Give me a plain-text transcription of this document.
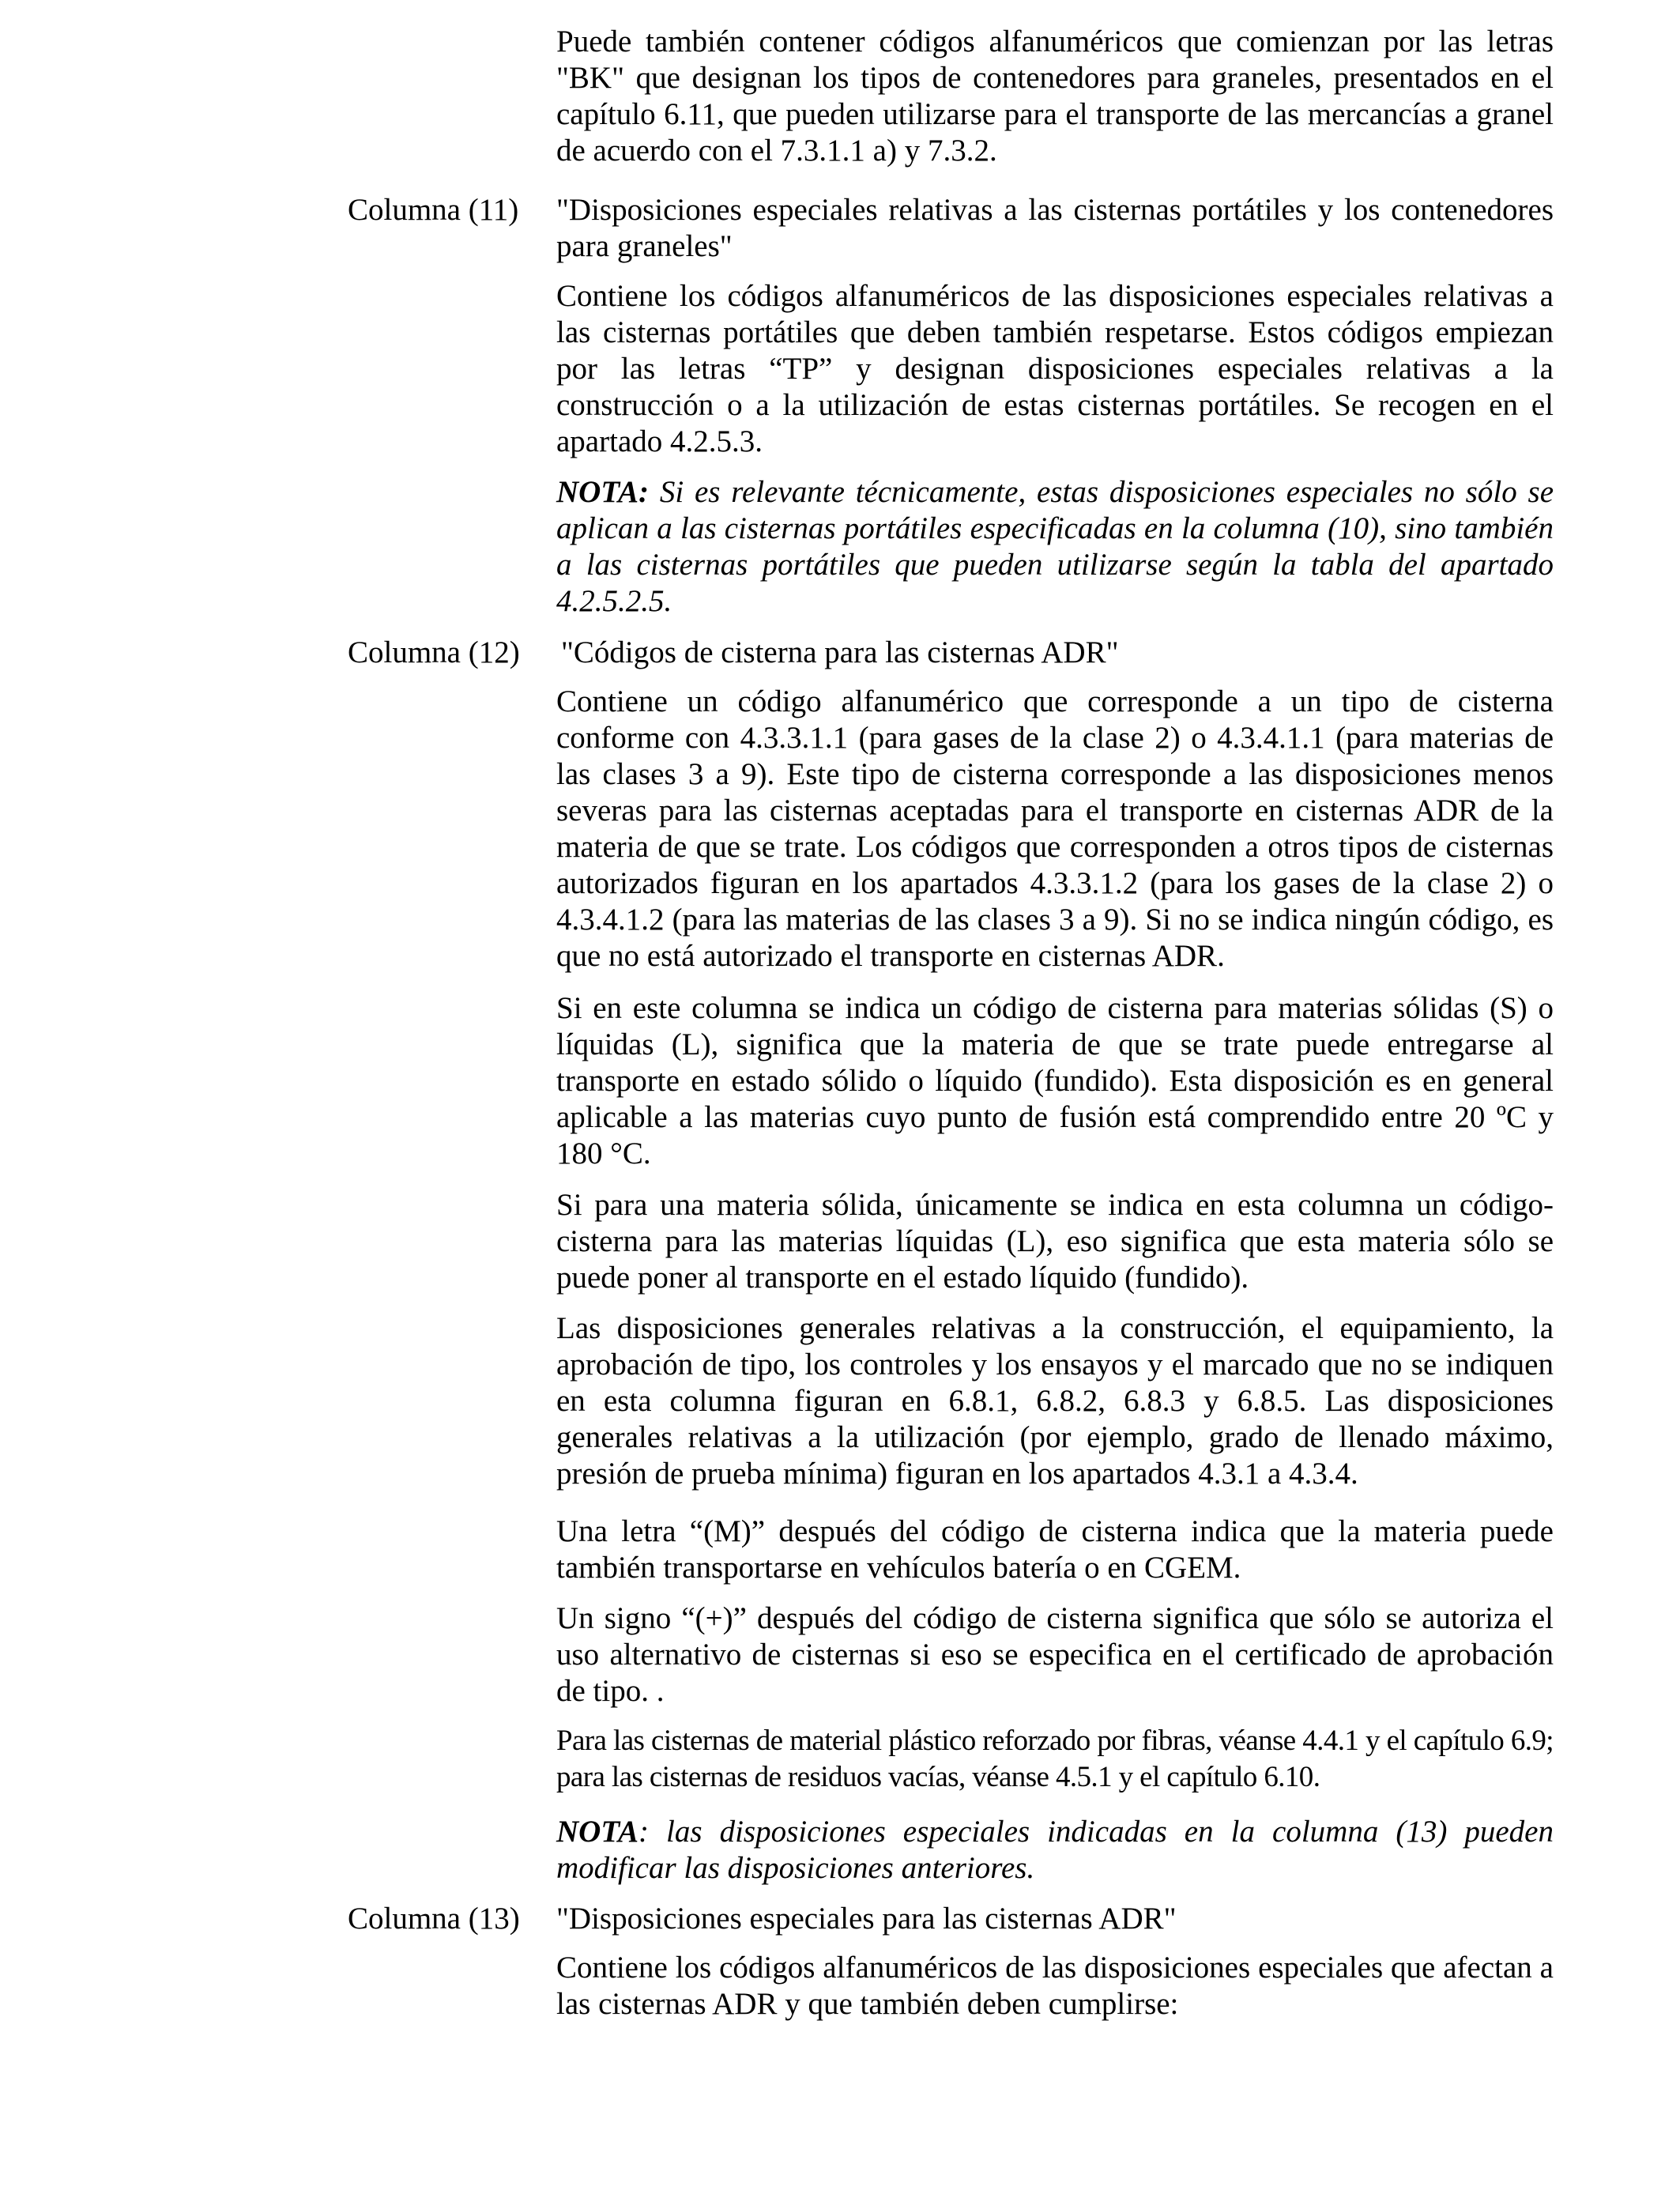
Puede también contener códigos alfanuméricos que comienzan por las letras "BK" que designan los tipos de contenedores para graneles, presentados en el capítulo 6.11, que pueden utilizarse para el transporte de las mercancías a granel de acuerdo con el 7.3.1.1 a) y 7.3.2.

Columna (11) "Disposiciones especiales relativas a las cisternas portátiles y los contenedores para graneles"

Contiene los códigos alfanuméricos de las disposiciones especiales relativas a las cisternas portátiles que deben también respetarse. Estos códigos empiezan por las letras “TP” y designan disposiciones especiales relativas a la construcción o a la utilización de estas cisternas portátiles. Se recogen en el apartado 4.2.5.3.

NOTA: Si es relevante técnicamente, estas disposiciones especiales no sólo se aplican a las cisternas portátiles especificadas en la columna (10), sino también a las cisternas portátiles que pueden utilizarse según la tabla del apartado 4.2.5.2.5.

Columna (12) "Códigos de cisterna para las cisternas ADR"

Contiene un código alfanumérico que corresponde a un tipo de cisterna conforme con 4.3.3.1.1 (para gases de la clase 2) o 4.3.4.1.1 (para materias de las clases 3 a 9). Este tipo de cisterna corresponde a las disposiciones menos severas para las cisternas aceptadas para el transporte en cisternas ADR de la materia de que se trate. Los códigos que corresponden a otros tipos de cisternas autorizados figuran en los apartados 4.3.3.1.2 (para los gases de la clase 2) o 4.3.4.1.2 (para las materias de las clases 3 a 9). Si no se indica ningún código, es que no está autorizado el transporte en cisternas ADR.

Si en este columna se indica un código de cisterna para materias sólidas (S) o líquidas (L), significa que la materia de que se trate puede entregarse al transporte en estado sólido o líquido (fundido). Esta disposición es en general aplicable a las materias cuyo punto de fusión está comprendido entre 20 ºC y 180 °C.

Si para una materia sólida, únicamente se indica en esta columna un código-cisterna para las materias líquidas (L), eso significa que esta materia sólo se puede poner al transporte en el estado líquido (fundido).

Las disposiciones generales relativas a la construcción, el equipamiento, la aprobación de tipo, los controles y los ensayos y el marcado que no se indiquen en esta columna figuran en 6.8.1, 6.8.2, 6.8.3 y 6.8.5. Las disposiciones generales relativas a la utilización (por ejemplo, grado de llenado máximo, presión de prueba mínima) figuran en los apartados 4.3.1 a 4.3.4.

Una letra “(M)” después del código de cisterna indica que la materia puede también transportarse en vehículos batería o en CGEM.

Un signo “(+)” después del código de cisterna significa que sólo se autoriza el uso alternativo de cisternas si eso se especifica en el certificado de aprobación de tipo. .

Para las cisternas de material plástico reforzado por fibras, véanse 4.4.1 y el capítulo 6.9; para las cisternas de residuos vacías, véanse 4.5.1 y el capítulo 6.10.

NOTA: las disposiciones especiales indicadas en la columna (13) pueden modificar las disposiciones anteriores.

Columna (13) "Disposiciones especiales para las cisternas ADR"

Contiene los códigos alfanuméricos de las disposiciones especiales que afectan a las cisternas ADR y que también deben cumplirse:
